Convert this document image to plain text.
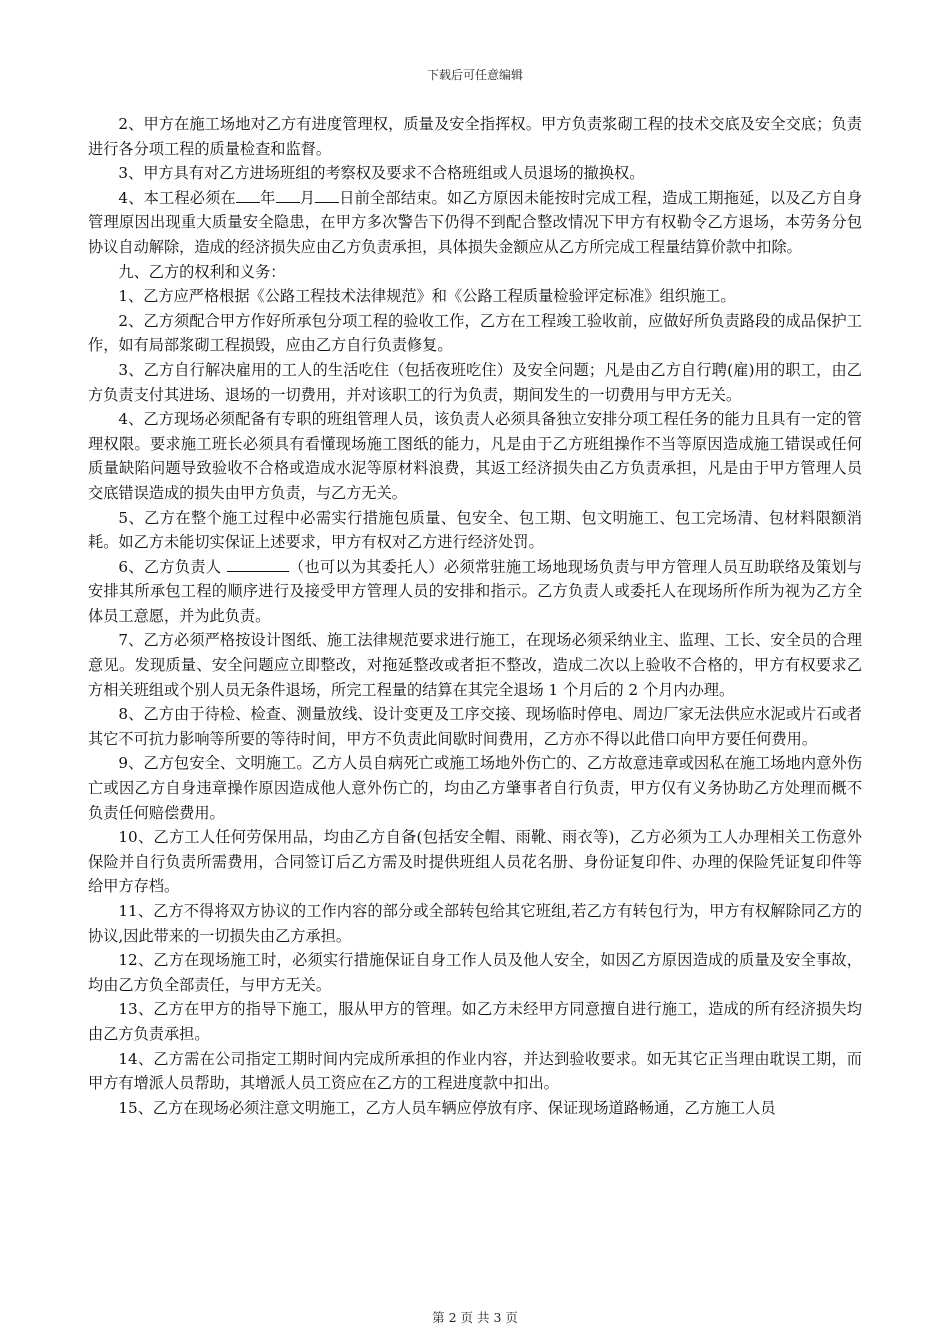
下载后可任意编辑

2、甲方在施工场地对乙方有进度管理权，质量及安全指挥权。甲方负责浆砌工程的技术交底及安全交底；负责进行各分项工程的质量检查和监督。

3、甲方具有对乙方进场班组的考察权及要求不合格班组或人员退场的撤换权。

4、本工程必须在 年 月 日前全部结束。如乙方原因未能按时完成工程，造成工期拖延，以及乙方自身管理原因出现重大质量安全隐患，在甲方多次警告下仍得不到配合整改情况下甲方有权勒令乙方退场，本劳务分包协议自动解除，造成的经济损失应由乙方负责承担，具体损失金额应从乙方所完成工程量结算价款中扣除。

九、乙方的权利和义务：

1、乙方应严格根据《公路工程技术法律规范》和《公路工程质量检验评定标准》组织施工。

2、乙方须配合甲方作好所承包分项工程的验收工作，乙方在工程竣工验收前，应做好所负责路段的成品保护工作，如有局部浆砌工程损毁，应由乙方自行负责修复。

3、乙方自行解决雇用的工人的生活吃住（包括夜班吃住）及安全问题；凡是由乙方自行聘(雇)用的职工，由乙方负责支付其进场、退场的一切费用，并对该职工的行为负责，期间发生的一切费用与甲方无关。

4、乙方现场必须配备有专职的班组管理人员，该负责人必须具备独立安排分项工程任务的能力且具有一定的管理权限。要求施工班长必须具有看懂现场施工图纸的能力，凡是由于乙方班组操作不当等原因造成施工错误或任何质量缺陷问题导致验收不合格或造成水泥等原材料浪费，其返工经济损失由乙方负责承担，凡是由于甲方管理人员交底错误造成的损失由甲方负责，与乙方无关。

5、乙方在整个施工过程中必需实行措施包质量、包安全、包工期、包文明施工、包工完场清、包材料限额消耗。如乙方未能切实保证上述要求，甲方有权对乙方进行经济处罚。

6、乙方负责人	（也可以为其委托人）必须常驻施工场地现场负责与甲方管理人员互助联络及策划与安排其所承包工程的顺序进行及接受甲方管理人员的安排和指示。乙方负责人或委托人在现场所作所为视为乙方全体员工意愿，并为此负责。

7、乙方必须严格按设计图纸、施工法律规范要求进行施工，在现场必须采纳业主、监理、工长、安全员的合理意见。发现质量、安全问题应立即整改，对拖延整改或者拒不整改，造成二次以上验收不合格的，甲方有权要求乙方相关班组或个别人员无条件退场，所完工程量的结算在其完全退场 1 个月后的 2 个月内办理。

8、乙方由于待检、检查、测量放线、设计变更及工序交接、现场临时停电、周边厂家无法供应水泥或片石或者其它不可抗力影响等所要的等待时间，甲方不负责此间歇时间费用，乙方亦不得以此借口向甲方要任何费用。

9、乙方包安全、文明施工。乙方人员自病死亡或施工场地外伤亡的、乙方故意违章或因私在施工场地内意外伤亡或因乙方自身违章操作原因造成他人意外伤亡的，均由乙方肇事者自行负责，甲方仅有义务协助乙方处理而概不负责任何赔偿费用。

10、乙方工人任何劳保用品，均由乙方自备(包括安全帽、雨靴、雨衣等)，乙方必须为工人办理相关工伤意外保险并自行负责所需费用，合同签订后乙方需及时提供班组人员花名册、身份证复印件、办理的保险凭证复印件等给甲方存档。

11、乙方不得将双方协议的工作内容的部分或全部转包给其它班组,若乙方有转包行为，甲方有权解除同乙方的协议,因此带来的一切损失由乙方承担。

12、乙方在现场施工时，必须实行措施保证自身工作人员及他人安全，如因乙方原因造成的质量及安全事故，均由乙方负全部责任，与甲方无关。

13、乙方在甲方的指导下施工，服从甲方的管理。如乙方未经甲方同意擅自进行施工，造成的所有经济损失均由乙方负责承担。

14、乙方需在公司指定工期时间内完成所承担的作业内容，并达到验收要求。如无其它正当理由耽误工期，而甲方有增派人员帮助，其增派人员工资应在乙方的工程进度款中扣出。

15、乙方在现场必须注意文明施工，乙方人员车辆应停放有序、保证现场道路畅通，乙方施工人员

第 2 页 共 3 页
